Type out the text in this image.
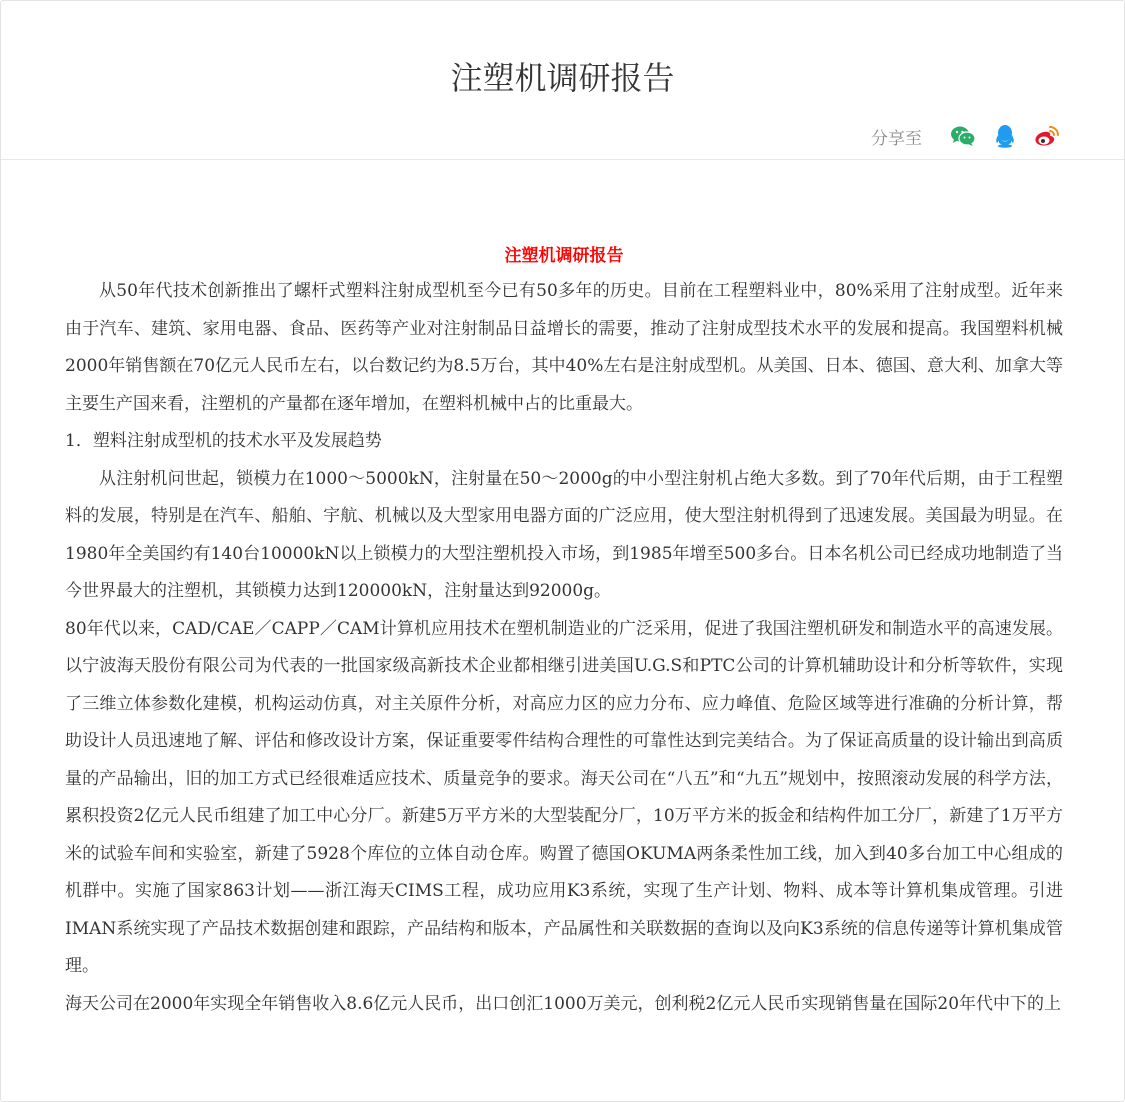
注塑机调研报告
分享至
注塑机调研报告

从50年代技术创新推出了螺杆式塑料注射成型机至今已有50多年的历史。目前在工程塑料业中，80%采用了注射成型。近年来由于汽车、建筑、家用电器、食品、医药等产业对注射制品日益增长的需要，推动了注射成型技术水平的发展和提高。我国塑料机械2000年销售额在70亿元人民币左右，以台数记约为8.5万台，其中40%左右是注射成型机。从美国、日本、德国、意大利、加拿大等主要生产国来看，注塑机的产量都在逐年增加，在塑料机械中占的比重最大。

1．塑料注射成型机的技术水平及发展趋势

从注射机问世起，锁模力在1000～5000kN，注射量在50～2000g的中小型注射机占绝大多数。到了70年代后期，由于工程塑料的发展，特别是在汽车、船舶、宇航、机械以及大型家用电器方面的广泛应用，使大型注射机得到了迅速发展。美国最为明显。在1980年全美国约有140台10000kN以上锁模力的大型注塑机投入市场，到1985年增至500多台。日本名机公司已经成功地制造了当今世界最大的注塑机，其锁模力达到120000kN，注射量达到92000g。

80年代以来，CAD/CAE／CAPP／CAM计算机应用技术在塑机制造业的广泛采用，促进了我国注塑机研发和制造水平的高速发展。以宁波海天股份有限公司为代表的一批国家级高新技术企业都相继引进美国U.G.S和PTC公司的计算机辅助设计和分析等软件，实现了三维立体参数化建模，机构运动仿真，对主关原件分析，对高应力区的应力分布、应力峰值、危险区域等进行准确的分析计算，帮助设计人员迅速地了解、评估和修改设计方案，保证重要零件结构合理性的可靠性达到完美结合。为了保证高质量的设计输出到高质量的产品输出，旧的加工方式已经很难适应技术、质量竞争的要求。海天公司在“八五”和“九五”规划中，按照滚动发展的科学方法，累积投资2亿元人民币组建了加工中心分厂。新建5万平方米的大型装配分厂，10万平方米的扳金和结构件加工分厂，新建了1万平方米的试验车间和实验室，新建了5928个库位的立体自动仓库。购置了德国OKUMA两条柔性加工线，加入到40多台加工中心组成的机群中。实施了国家863计划——浙江海天CIMS工程，成功应用K3系统，实现了生产计划、物料、成本等计算机集成管理。引进IMAN系统实现了产品技术数据创建和跟踪，产品结构和版本，产品属性和关联数据的查询以及向K3系统的信息传递等计算机集成管理。

海天公司在2000年实现全年销售收入8.6亿元人民币，出口创汇1000万美元，创利税2亿元人民币实现销售量在国际20年代中下的上
